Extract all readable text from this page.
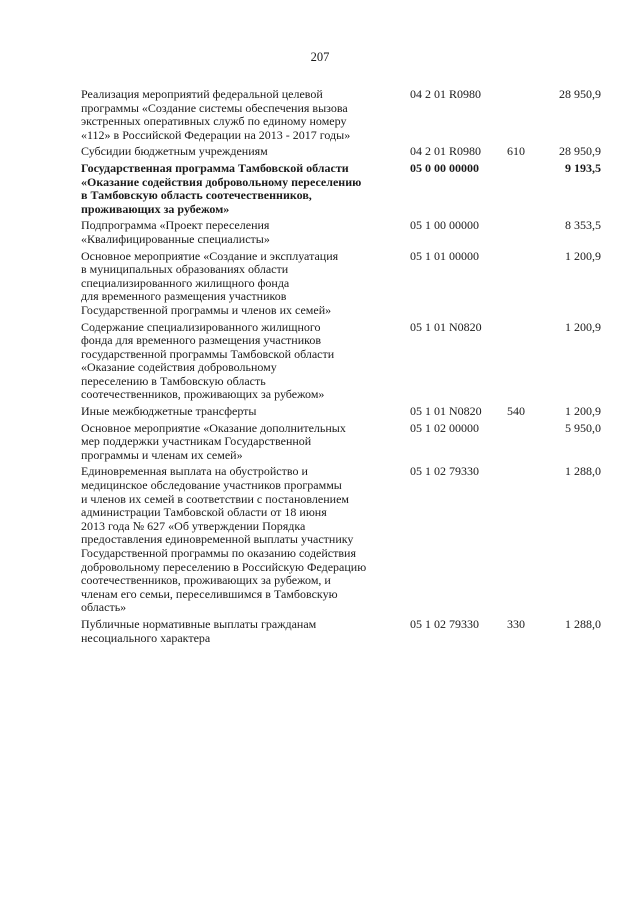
207
Реализация мероприятий федеральной целевой
программы «Создание системы обеспечения вызова
экстренных оперативных служб по единому номеру
«112» в Российской Федерации на 2013 - 2017 годы»
04 2 01 R0980	28 950,9
Субсидии бюджетным учреждениям	04 2 01 R0980	610	28 950,9
Государственная программа Тамбовской области
«Оказание содействия добровольному переселению
в Тамбовскую область соотечественников,
проживающих за рубежом»
05 0 00 00000	9 193,5
Подпрограмма «Проект переселения
«Квалифицированные специалисты»
05 1 00 00000	8 353,5
Основное мероприятие «Создание и эксплуатация
в муниципальных образованиях области
специализированного жилищного фонда
для временного размещения участников
Государственной программы и членов их семей»
05 1 01 00000	1 200,9
Содержание специализированного жилищного
фонда для временного размещения участников
государственной программы Тамбовской области
«Оказание содействия добровольному
переселению в Тамбовскую область
соотечественников, проживающих за рубежом»
05 1 01 N0820	1 200,9
Иные межбюджетные трансферты	05 1 01 N0820	540	1 200,9
Основное мероприятие «Оказание дополнительных
мер поддержки участникам Государственной
программы и членам их семей»
05 1 02 00000	5 950,0
Единовременная выплата на обустройство и
медицинское обследование участников программы
и членов их семей в соответствии с постановлением
администрации Тамбовской области от 18 июня
2013 года № 627 «Об утверждении Порядка
предоставления единовременной выплаты участнику
Государственной программы по оказанию содействия
добровольному переселению в Российскую Федерацию
соотечественников, проживающих за рубежом, и
членам его семьи, переселившимся в Тамбовскую
область»
05 1 02 79330	1 288,0
Публичные нормативные выплаты гражданам
несоциального характера
05 1 02 79330	330	1 288,0
